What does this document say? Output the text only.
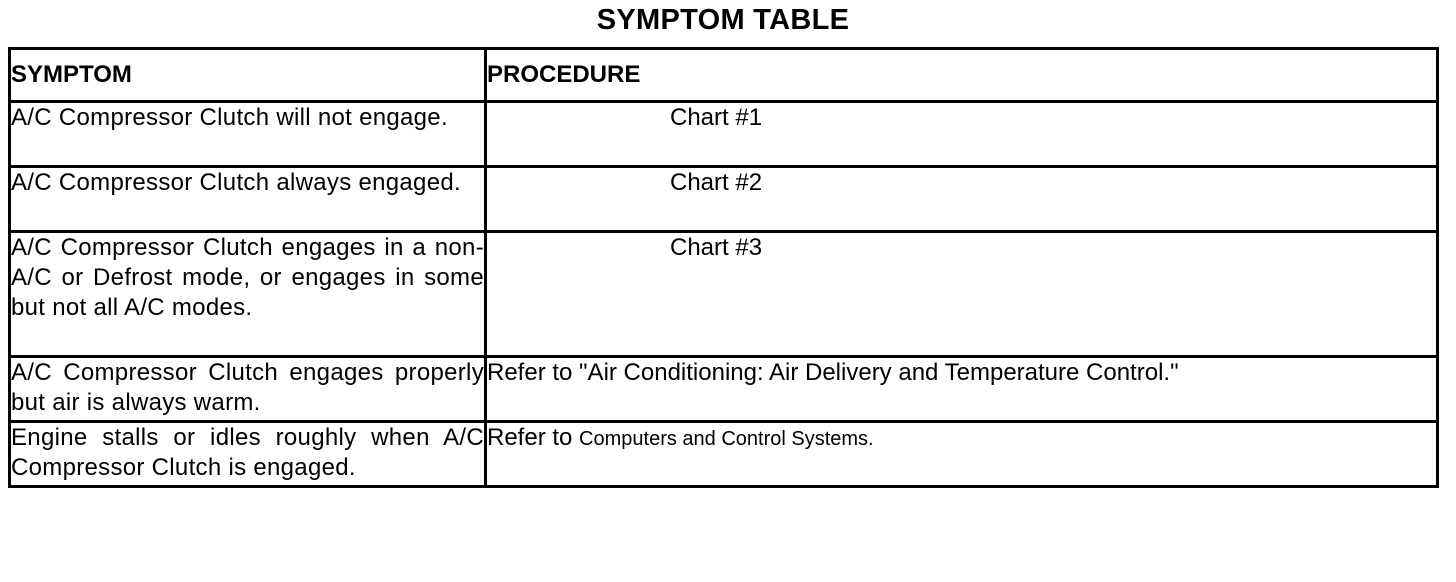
SYMPTOM TABLE
SYMPTOM	PROCEDURE
A/C Compressor Clutch will not engage.	Chart #1
A/C Compressor Clutch always engaged.	Chart #2
A/C Compressor Clutch engages in a non-A/C or Defrost mode, or engages in some but not all A/C modes.	Chart #3
A/C Compressor Clutch engages properly but air is always warm.	Refer to "Air Conditioning: Air Delivery and Temperature Control."
Engine stalls or idles roughly when A/C Compressor Clutch is engaged.	Refer to Computers and Control Systems.
